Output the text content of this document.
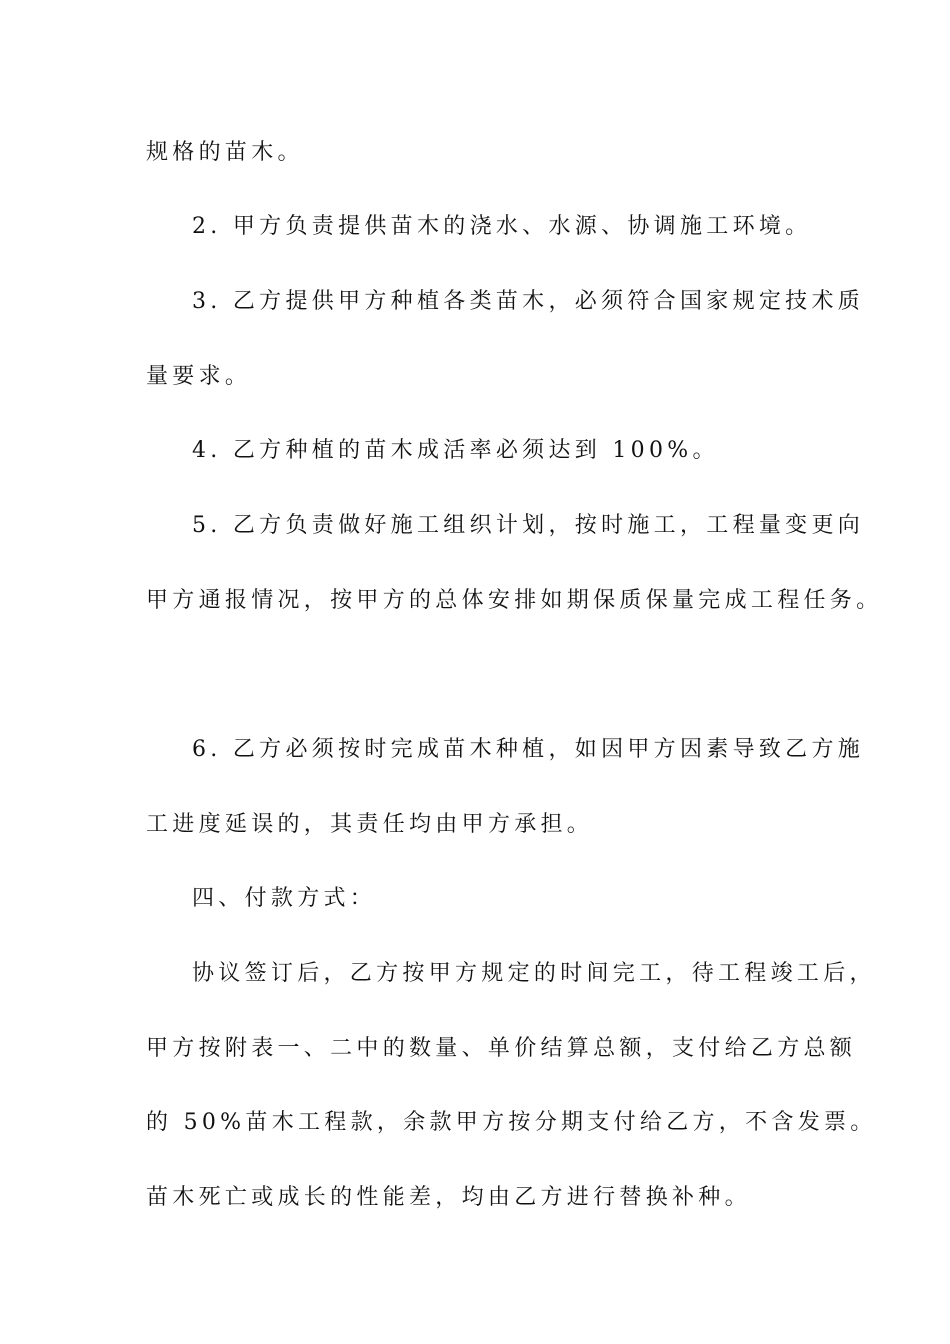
规格的苗木。
2. 甲方负责提供苗木的浇水、水源、协调施工环境。
3. 乙方提供甲方种植各类苗木，必须符合国家规定技术质
量要求。
4. 乙方种植的苗木成活率必须达到 100%。
5. 乙方负责做好施工组织计划，按时施工，工程量变更向
甲方通报情况，按甲方的总体安排如期保质保量完成工程任务。
6. 乙方必须按时完成苗木种植，如因甲方因素导致乙方施
工进度延误的，其责任均由甲方承担。
四、付款方式：
协议签订后，乙方按甲方规定的时间完工，待工程竣工后，
甲方按附表一、二中的数量、单价结算总额，支付给乙方总额
的 50%苗木工程款，余款甲方按分期支付给乙方，不含发票。
苗木死亡或成长的性能差，均由乙方进行替换补种。
